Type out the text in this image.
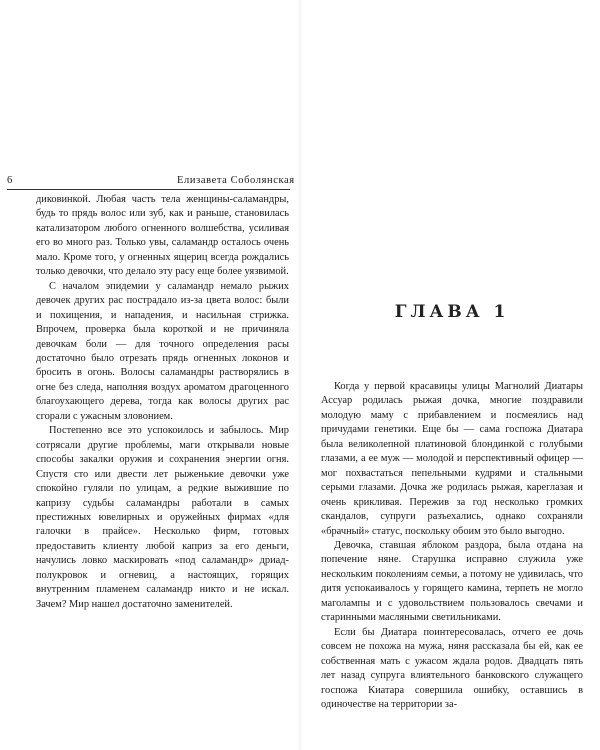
6	Елизавета Соболянская

диковинкой. Любая часть тела женщины-саламандры, будь то прядь волос или зуб, как и раньше, становилась катализатором любого огненного волшебства, усиливая его во много раз. Только увы, саламандр осталось очень мало. Кроме того, у огненных ящериц всегда рождались только девочки, что делало эту расу еще более уязвимой.

С началом эпидемии у саламандр немало рыжих девочек других рас пострадало из-за цвета волос: были и похищения, и нападения, и насильная стрижка. Впрочем, проверка была короткой и не причиняла девочкам боли — для точного определения расы достаточно было отрезать прядь огненных локонов и бросить в огонь. Волосы саламандры растворялись в огне без следа, наполняя воздух ароматом драгоценного благоухающего дерева, тогда как волосы других рас сгорали с ужасным зловонием.

Постепенно все это успокоилось и забылось. Мир сотрясали другие проблемы, маги открывали новые способы закалки оружия и сохранения энергии огня. Спустя сто или двести лет рыженькие девочки уже спокойно гуляли по улицам, а редкие выжившие по капризу судьбы саламандры работали в самых престижных ювелирных и оружейных фирмах «для галочки в прайсе». Несколько фирм, готовых предоставить клиенту любой каприз за его деньги, начулись ловко маскировать «под саламандр» дриад-полукровок и огневиц, а настоящих, горящих внутренним пламенем саламандр никто и не искал. Зачем? Мир нашел достаточно заменителей.

ГЛАВА 1

Когда у первой красавицы улицы Магнолий Диатары Ассуар родилась рыжая дочка, многие поздравили молодую маму с прибавлением и посмеялись над причудами генетики. Еще бы — сама госпожа Диатара была великолепной платиновой блондинкой с голубыми глазами, а ее муж — молодой и перспективный офицер — мог похвастаться пепельными кудрями и стальными серыми глазами. Дочка же родилась рыжая, кареглазая и очень крикливая. Пережив за год несколько громких скандалов, супруги разъехались, однако сохраняли «брачный» статус, поскольку обоим это было выгодно.

Девочка, ставшая яблоком раздора, была отдана на попечение няне. Старушка исправно служила уже нескольким поколениям семьи, а потому не удивилась, что дитя успокаивалось у горящего камина, терпеть не могло маголампы и с удовольствием пользовалось свечами и старинными масляными светильниками.

Если бы Диатара поинтересовалась, отчего ее дочь совсем не похожа на мужа, няня рассказала бы ей, как ее собственная мать с ужасом ждала родов. Двадцать пять лет назад супруга влиятельного банковского служащего госпожа Киатара совершила ошибку, оставшись в одиночестве на территории за-
